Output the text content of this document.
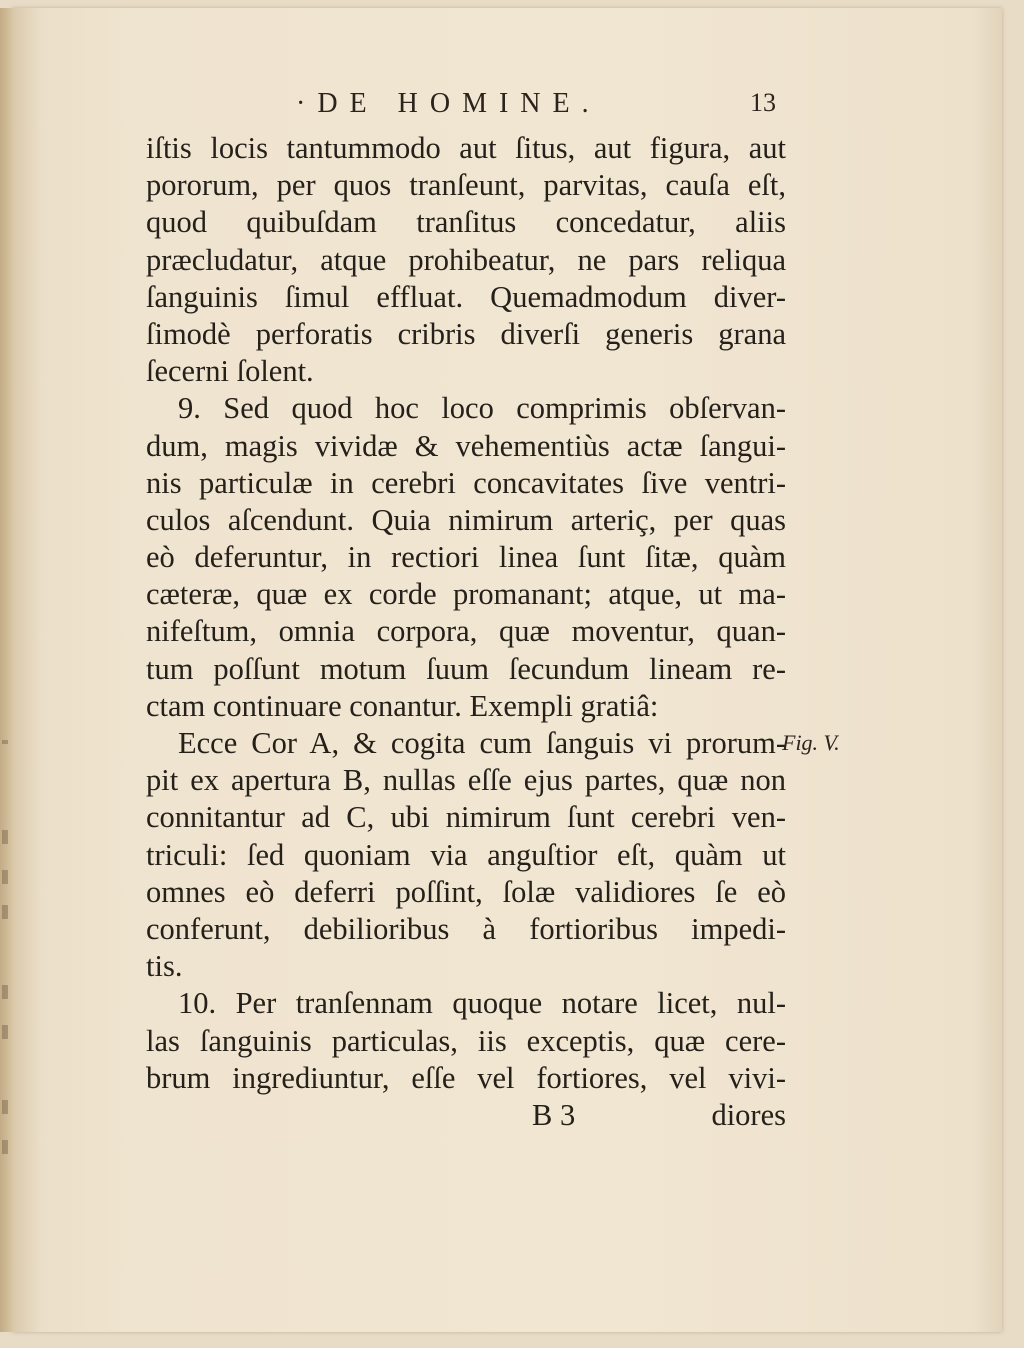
·DE HOMINE.	13
iſtis locis tantummodo aut ſitus, aut figura, aut
pororum, per quos tranſeunt, parvitas, cauſa eſt,
quod quibuſdam tranſitus concedatur, aliis
præcludatur, atque prohibeatur, ne pars reliqua
ſanguinis ſimul effluat. Quemadmodum diver-
ſimodè perforatis cribris diverſi generis grana
ſecerni ſolent.
9. Sed quod hoc loco comprimis obſervan-
dum, magis vividæ & vehementiùs actæ ſangui-
nis particulæ in cerebri concavitates ſive ventri-
culos aſcendunt. Quia nimirum arteriç, per quas
eò deferuntur, in rectiori linea ſunt ſitæ, quàm
cæteræ, quæ ex corde promanant; atque, ut ma-
nifeſtum, omnia corpora, quæ moventur, quan-
tum poſſunt motum ſuum ſecundum lineam re-
ctam continuare conantur. Exempli gratiâ:
Ecce Cor A, & cogita cum ſanguis vi prorum-
pit ex apertura B, nullas eſſe ejus partes, quæ non
connitantur ad C, ubi nimirum ſunt cerebri ven-
triculi: ſed quoniam via anguſtior eſt, quàm ut
omnes eò deferri poſſint, ſolæ validiores ſe eò
conferunt, debilioribus à fortioribus impedi-
tis.
10. Per tranſennam quoque notare licet, nul-
las ſanguinis particulas, iis exceptis, quæ cere-
brum ingrediuntur, eſſe vel fortiores, vel vivi-
Fig. V.
B 3	diores
